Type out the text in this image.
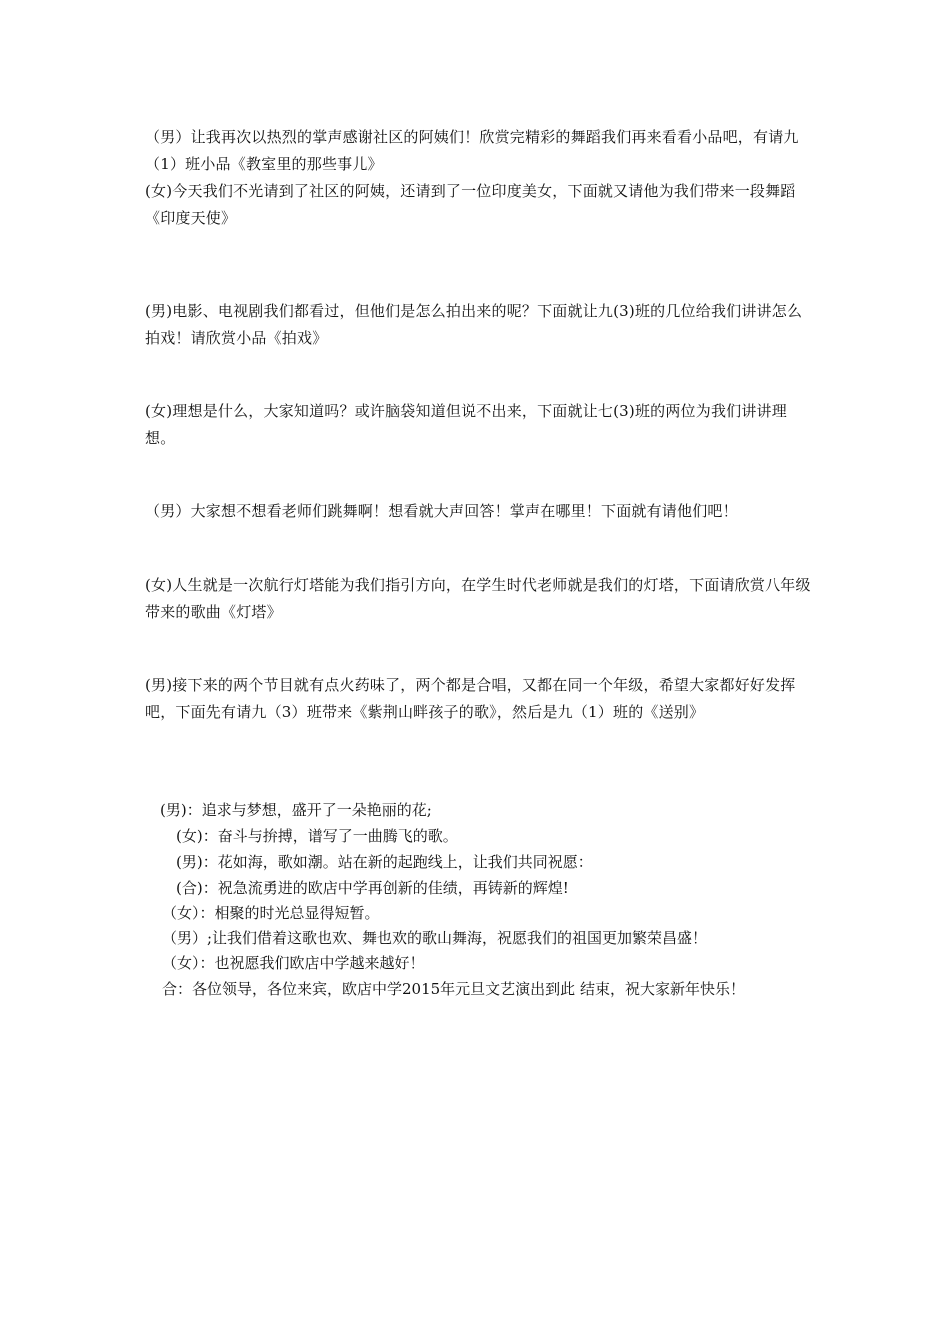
（男）让我再次以热烈的掌声感谢社区的阿姨们！欣赏完精彩的舞蹈我们再来看看小品吧，有请九（1）班小品《教室里的那些事儿》

(女)今天我们不光请到了社区的阿姨，还请到了一位印度美女，下面就又请他为我们带来一段舞蹈《印度天使》

(男)电影、电视剧我们都看过，但他们是怎么拍出来的呢？下面就让九(3)班的几位给我们讲讲怎么拍戏！请欣赏小品《拍戏》

(女)理想是什么，大家知道吗？或许脑袋知道但说不出来，下面就让七(3)班的两位为我们讲讲理想。

（男）大家想不想看老师们跳舞啊！想看就大声回答！掌声在哪里！下面就有请他们吧！

(女)人生就是一次航行灯塔能为我们指引方向，在学生时代老师就是我们的灯塔，下面请欣赏八年级带来的歌曲《灯塔》

(男)接下来的两个节目就有点火药味了，两个都是合唱，又都在同一个年级，希望大家都好好发挥吧，下面先有请九（3）班带来《紫荆山畔孩子的歌》，然后是九（1）班的《送别》

(男)：追求与梦想，盛开了一朵艳丽的花;

(女)：奋斗与拚搏，谱写了一曲腾飞的歌。

(男)：花如海，歌如潮。站在新的起跑线上，让我们共同祝愿：

(合)：祝急流勇进的欧店中学再创新的佳绩，再铸新的辉煌!

（女）：相聚的时光总显得短暂。

（男）;让我们借着这歌也欢、舞也欢的歌山舞海，祝愿我们的祖国更加繁荣昌盛！

（女）：也祝愿我们欧店中学越来越好！

合：各位领导，各位来宾，欧店中学2015年元旦文艺演出到此 结束，祝大家新年快乐！
